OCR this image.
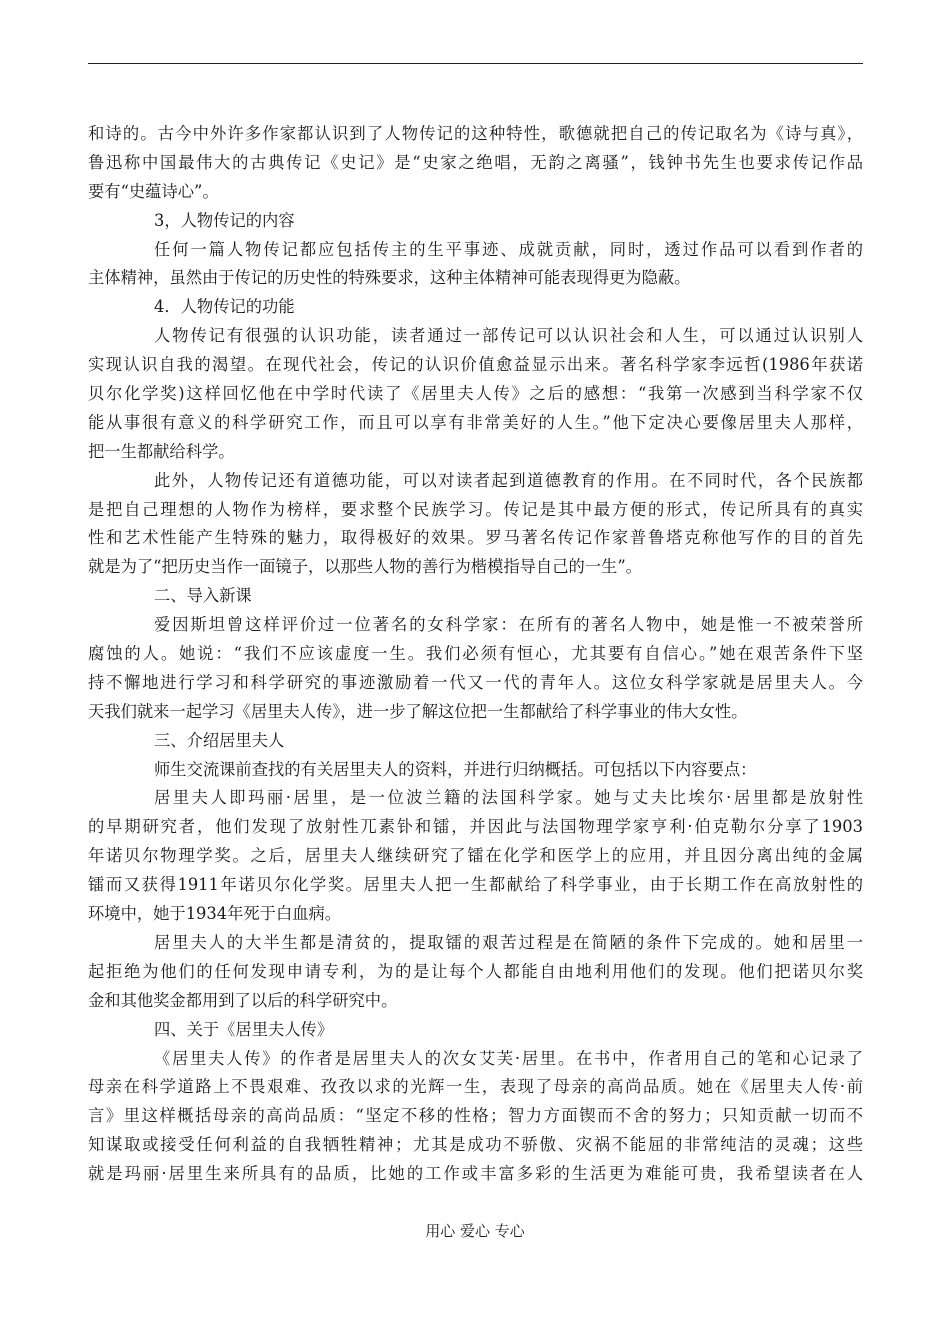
和诗的。古今中外许多作家都认识到了人物传记的这种特性，歌德就把自己的传记取名为《诗与真》，
鲁迅称中国最伟大的古典传记《史记》是“史家之绝唱，无韵之离骚”，钱钟书先生也要求传记作品
要有“史蕴诗心”。
3，人物传记的内容
任何一篇人物传记都应包括传主的生平事迹、成就贡献，同时，透过作品可以看到作者的
主体精神，虽然由于传记的历史性的特殊要求，这种主体精神可能表现得更为隐蔽。
4．人物传记的功能
人物传记有很强的认识功能，读者通过一部传记可以认识社会和人生，可以通过认识别人
实现认识自我的渴望。在现代社会，传记的认识价值愈益显示出来。著名科学家李远哲(1986年获诺
贝尔化学奖)这样回忆他在中学时代读了《居里夫人传》之后的感想：“我第一次感到当科学家不仅
能从事很有意义的科学研究工作，而且可以享有非常美好的人生。”他下定决心要像居里夫人那样，
把一生都献给科学。
此外，人物传记还有道德功能，可以对读者起到道德教育的作用。在不同时代，各个民族都
是把自己理想的人物作为榜样，要求整个民族学习。传记是其中最方便的形式，传记所具有的真实
性和艺术性能产生特殊的魅力，取得极好的效果。罗马著名传记作家普鲁塔克称他写作的目的首先
就是为了“把历史当作一面镜子，以那些人物的善行为楷模指导自己的一生”。
二、导入新课
爱因斯坦曾这样评价过一位著名的女科学家：在所有的著名人物中，她是惟一不被荣誉所
腐蚀的人。她说：“我们不应该虚度一生。我们必须有恒心，尤其要有自信心。”她在艰苦条件下坚
持不懈地进行学习和科学研究的事迹激励着一代又一代的青年人。这位女科学家就是居里夫人。今
天我们就来一起学习《居里夫人传》，进一步了解这位把一生都献给了科学事业的伟大女性。
三、介绍居里夫人
师生交流课前查找的有关居里夫人的资料，并进行归纳概括。可包括以下内容要点：
居里夫人即玛丽·居里，是一位波兰籍的法国科学家。她与丈夫比埃尔·居里都是放射性
的早期研究者，他们发现了放射性兀素钋和镭，并因此与法国物理学家亨利·伯克勒尔分享了1903
年诺贝尔物理学奖。之后，居里夫人继续研究了镭在化学和医学上的应用，并且因分离出纯的金属
镭而又获得1911年诺贝尔化学奖。居里夫人把一生都献给了科学事业，由于长期工作在高放射性的
环境中，她于1934年死于白血病。
居里夫人的大半生都是清贫的，提取镭的艰苦过程是在简陋的条件下完成的。她和居里一
起拒绝为他们的任何发现申请专利，为的是让每个人都能自由地利用他们的发现。他们把诺贝尔奖
金和其他奖金都用到了以后的科学研究中。
四、关于《居里夫人传》
《居里夫人传》的作者是居里夫人的次女艾芙·居里。在书中，作者用自己的笔和心记录了
母亲在科学道路上不畏艰难、孜孜以求的光辉一生，表现了母亲的高尚品质。她在《居里夫人传·前
言》里这样概括母亲的高尚品质：“坚定不移的性格；智力方面锲而不舍的努力；只知贡献一切而不
知谋取或接受任何利益的自我牺牲精神；尤其是成功不骄傲、灾祸不能屈的非常纯洁的灵魂；这些
就是玛丽·居里生来所具有的品质，比她的工作或丰富多彩的生活更为难能可贵，我希望读者在人
用心 爱心 专心
